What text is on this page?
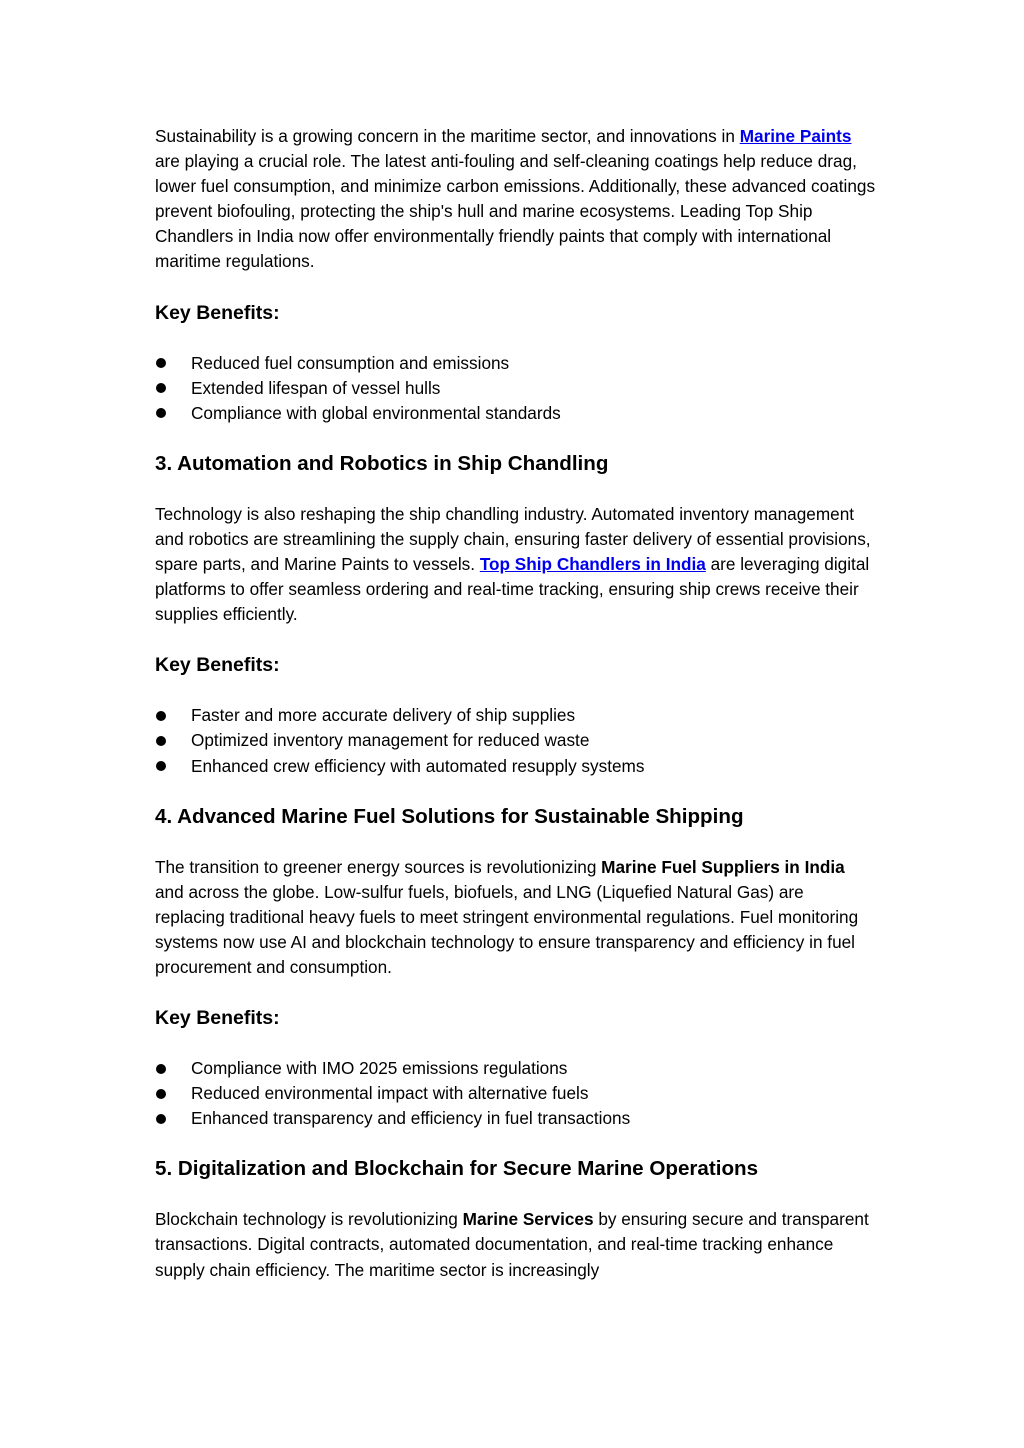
Sustainability is a growing concern in the maritime sector, and innovations in Marine Paints are playing a crucial role. The latest anti-fouling and self-cleaning coatings help reduce drag, lower fuel consumption, and minimize carbon emissions. Additionally, these advanced coatings prevent biofouling, protecting the ship's hull and marine ecosystems. Leading Top Ship Chandlers in India now offer environmentally friendly paints that comply with international maritime regulations.

Key Benefits:
Reduced fuel consumption and emissions
Extended lifespan of vessel hulls
Compliance with global environmental standards
3. Automation and Robotics in Ship Chandling

Technology is also reshaping the ship chandling industry. Automated inventory management and robotics are streamlining the supply chain, ensuring faster delivery of essential provisions, spare parts, and Marine Paints to vessels. Top Ship Chandlers in India are leveraging digital platforms to offer seamless ordering and real-time tracking, ensuring ship crews receive their supplies efficiently.

Key Benefits:
Faster and more accurate delivery of ship supplies
Optimized inventory management for reduced waste
Enhanced crew efficiency with automated resupply systems
4. Advanced Marine Fuel Solutions for Sustainable Shipping

The transition to greener energy sources is revolutionizing Marine Fuel Suppliers in India and across the globe. Low-sulfur fuels, biofuels, and LNG (Liquefied Natural Gas) are replacing traditional heavy fuels to meet stringent environmental regulations. Fuel monitoring systems now use AI and blockchain technology to ensure transparency and efficiency in fuel procurement and consumption.

Key Benefits:
Compliance with IMO 2025 emissions regulations
Reduced environmental impact with alternative fuels
Enhanced transparency and efficiency in fuel transactions
5. Digitalization and Blockchain for Secure Marine Operations

Blockchain technology is revolutionizing Marine Services by ensuring secure and transparent transactions. Digital contracts, automated documentation, and real-time tracking enhance supply chain efficiency. The maritime sector is increasingly
